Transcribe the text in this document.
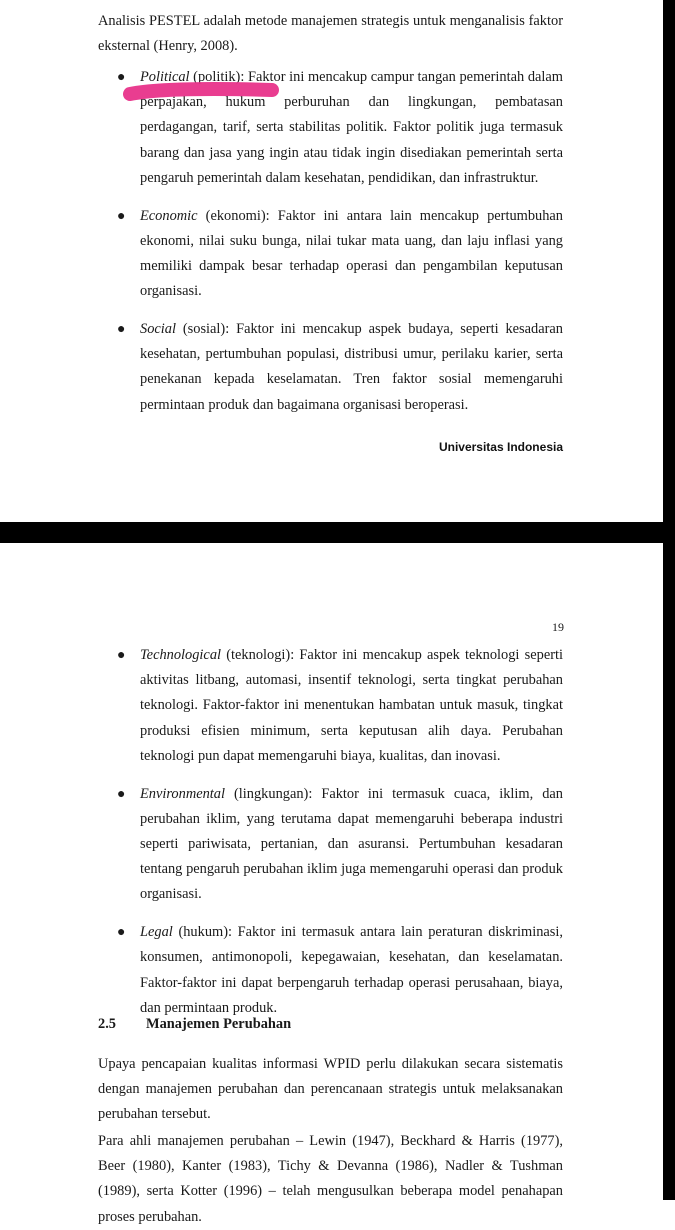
Analisis PESTEL adalah metode manajemen strategis untuk menganalisis faktor eksternal (Henry, 2008).

● Political (politik): Faktor ini mencakup campur tangan pemerintah dalam perpajakan, hukum perburuhan dan lingkungan, pembatasan perdagangan, tarif, serta stabilitas politik. Faktor politik juga termasuk barang dan jasa yang ingin atau tidak ingin disediakan pemerintah serta pengaruh pemerintah dalam kesehatan, pendidikan, dan infrastruktur.
● Economic (ekonomi): Faktor ini antara lain mencakup pertumbuhan ekonomi, nilai suku bunga, nilai tukar mata uang, dan laju inflasi yang memiliki dampak besar terhadap operasi dan pengambilan keputusan organisasi.
● Social (sosial): Faktor ini mencakup aspek budaya, seperti kesadaran kesehatan, pertumbuhan populasi, distribusi umur, perilaku karier, serta penekanan kepada keselamatan. Tren faktor sosial memengaruhi permintaan produk dan bagaimana organisasi beroperasi.
Universitas Indonesia
19
● Technological (teknologi): Faktor ini mencakup aspek teknologi seperti aktivitas litbang, automasi, insentif teknologi, serta tingkat perubahan teknologi. Faktor-faktor ini menentukan hambatan untuk masuk, tingkat produksi efisien minimum, serta keputusan alih daya. Perubahan teknologi pun dapat memengaruhi biaya, kualitas, dan inovasi.
● Environmental (lingkungan): Faktor ini termasuk cuaca, iklim, dan perubahan iklim, yang terutama dapat memengaruhi beberapa industri seperti pariwisata, pertanian, dan asuransi. Pertumbuhan kesadaran tentang pengaruh perubahan iklim juga memengaruhi operasi dan produk organisasi.
● Legal (hukum): Faktor ini termasuk antara lain peraturan diskriminasi, konsumen, antimonopoli, kepegawaian, kesehatan, dan keselamatan. Faktor-faktor ini dapat berpengaruh terhadap operasi perusahaan, biaya, dan permintaan produk.
2.5 Manajemen Perubahan

Upaya pencapaian kualitas informasi WPID perlu dilakukan secara sistematis dengan manajemen perubahan dan perencanaan strategis untuk melaksanakan perubahan tersebut.

Para ahli manajemen perubahan – Lewin (1947), Beckhard & Harris (1977), Beer (1980), Kanter (1983), Tichy & Devanna (1986), Nadler & Tushman (1989), serta Kotter (1996) – telah mengusulkan beberapa model penahapan proses perubahan.
